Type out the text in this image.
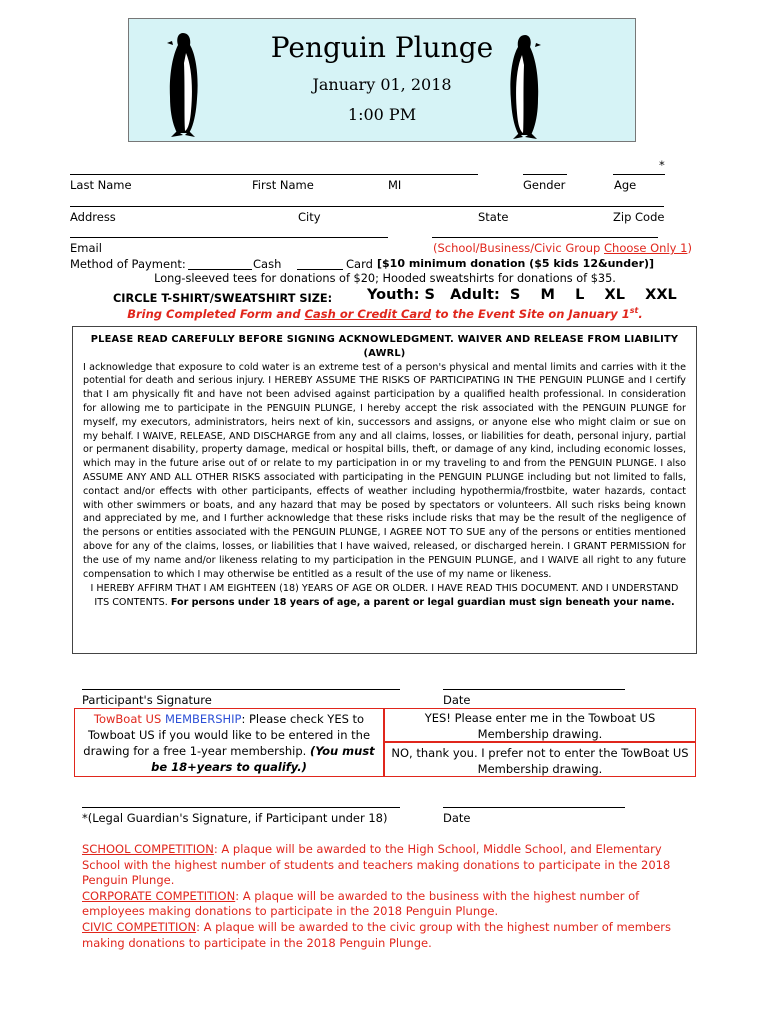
Penguin Plunge
January 01, 2018
1:00 PM
*
Last Name	First Name	MI	Gender	Age
Address	City	State	Zip Code
Email	(School/Business/Civic Group Choose Only 1)
Method of Payment:	Cash	Card [$10 minimum donation ($5 kids 12&under)]
Long-sleeved tees for donations of $20; Hooded sweatshirts for donations of $35.
CIRCLE T-SHIRT/SWEATSHIRT SIZE: Youth: S   Adult:  S    M    L    XL    XXL
Bring Completed Form and Cash or Credit Card to the Event Site on January 1st.

PLEASE READ CAREFULLY BEFORE SIGNING ACKNOWLEDGMENT. WAIVER AND RELEASE FROM LIABILITY (AWRL)

I acknowledge that exposure to cold water is an extreme test of a person's physical and mental limits and carries with it the potential for death and serious injury. I HEREBY ASSUME THE RISKS OF PARTICIPATING IN THE PENGUIN PLUNGE and I certify that I am physically fit and have not been advised against participation by a qualified health professional. In consideration for allowing me to participate in the PENGUIN PLUNGE, I hereby accept the risk associated with the PENGUIN PLUNGE for myself, my executors, administrators, heirs next of kin, successors and assigns, or anyone else who might claim or sue on my behalf. I WAIVE, RELEASE, AND DISCHARGE from any and all claims, losses, or liabilities for death, personal injury, partial or permanent disability, property damage, medical or hospital bills, theft, or damage of any kind, including economic losses, which may in the future arise out of or relate to my participation in or my traveling to and from the PENGUIN PLUNGE. I also ASSUME ANY AND ALL OTHER RISKS associated with participating in the PENGUIN PLUNGE including but not limited to falls, contact and/or effects with other participants, effects of weather including hypothermia/frostbite, water hazards, contact with other swimmers or boats, and any hazard that may be posed by spectators or volunteers. All such risks being known and appreciated by me, and I further acknowledge that these risks include risks that may be the result of the negligence of the persons or entities associated with the PENGUIN PLUNGE, I AGREE NOT TO SUE any of the persons or entities mentioned above for any of the claims, losses, or liabilities that I have waived, released, or discharged herein. I GRANT PERMISSION for the use of my name and/or likeness relating to my participation in the PENGUIN PLUNGE, and I WAIVE all right to any future compensation to which I may otherwise be entitled as a result of the use of my name or likeness.

I HEREBY AFFIRM THAT I AM EIGHTEEN (18) YEARS OF AGE OR OLDER. I HAVE READ THIS DOCUMENT. AND I UNDERSTAND ITS CONTENTS. For persons under 18 years of age, a parent or legal guardian must sign beneath your name.

Participant's Signature	Date
TowBoat US MEMBERSHIP: Please check YES to Towboat US if you would like to be entered in the drawing for a free 1-year membership. (You must be 18+years to qualify.)
YES! Please enter me in the Towboat US Membership drawing.
NO, thank you. I prefer not to enter the TowBoat US Membership drawing.
*(Legal Guardian's Signature, if Participant under 18)	Date
SCHOOL COMPETITION: A plaque will be awarded to the High School, Middle School, and Elementary School with the highest number of students and teachers making donations to participate in the 2018 Penguin Plunge.
CORPORATE COMPETITION: A plaque will be awarded to the business with the highest number of employees making donations to participate in the 2018 Penguin Plunge.
CIVIC COMPETITION: A plaque will be awarded to the civic group with the highest number of members making donations to participate in the 2018 Penguin Plunge.
